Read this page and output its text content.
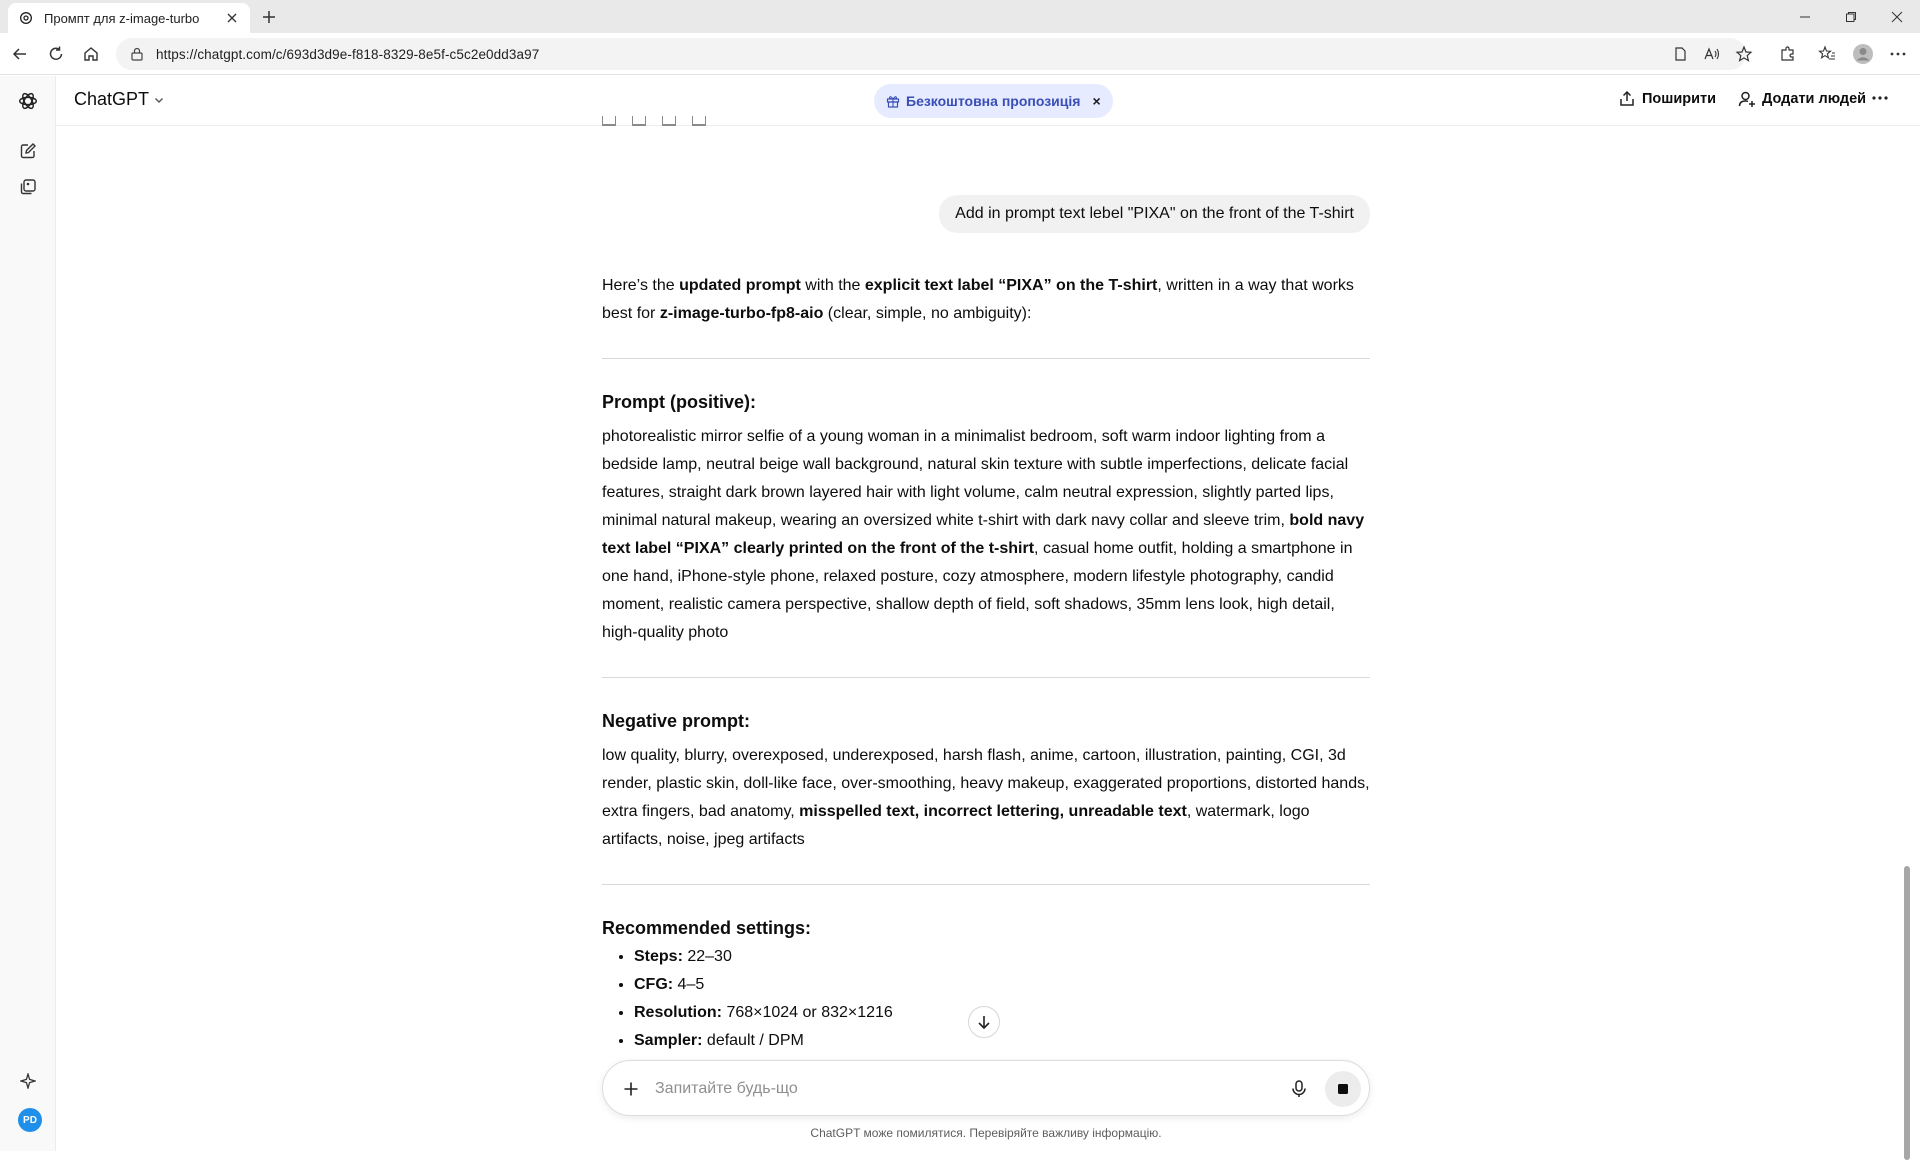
Промпт для z-image-turbo
https://chatgpt.com/c/693d3d9e-f818-8329-8e5f-c5c2e0dd3a97
PD
ChatGPT	Безкоштовна пропозиція ×	Поширити	Додати людей
Add in prompt text lebel "PIXA" on the front of the T-shirt

Here’s the updated prompt with the explicit text label “PIXA” on the T-shirt, written in a way that works best for z-image-turbo-fp8-aio (clear, simple, no ambiguity):

Prompt (positive):

photorealistic mirror selfie of a young woman in a minimalist bedroom, soft warm indoor lighting from a bedside lamp, neutral beige wall background, natural skin texture with subtle imperfections, delicate facial features, straight dark brown layered hair with light volume, calm neutral expression, slightly parted lips, minimal natural makeup, wearing an oversized white t-shirt with dark navy collar and sleeve trim, bold navy text label “PIXA” clearly printed on the front of the t-shirt, casual home outfit, holding a smartphone in one hand, iPhone-style phone, relaxed posture, cozy atmosphere, modern lifestyle photography, candid moment, realistic camera perspective, shallow depth of field, soft shadows, 35mm lens look, high detail, high-quality photo

Negative prompt:

low quality, blurry, overexposed, underexposed, harsh flash, anime, cartoon, illustration, painting, CGI, 3d render, plastic skin, doll-like face, over-smoothing, heavy makeup, exaggerated proportions, distorted hands, extra fingers, bad anatomy, misspelled text, incorrect lettering, unreadable text, watermark, logo artifacts, noise, jpeg artifacts

Recommended settings:
• Steps: 22–30
• CFG: 4–5
• Resolution: 768×1024 or 832×1216
• Sampler: default / DPM
Запитайте будь-що
ChatGPT може помилятися. Перевіряйте важливу інформацію.
